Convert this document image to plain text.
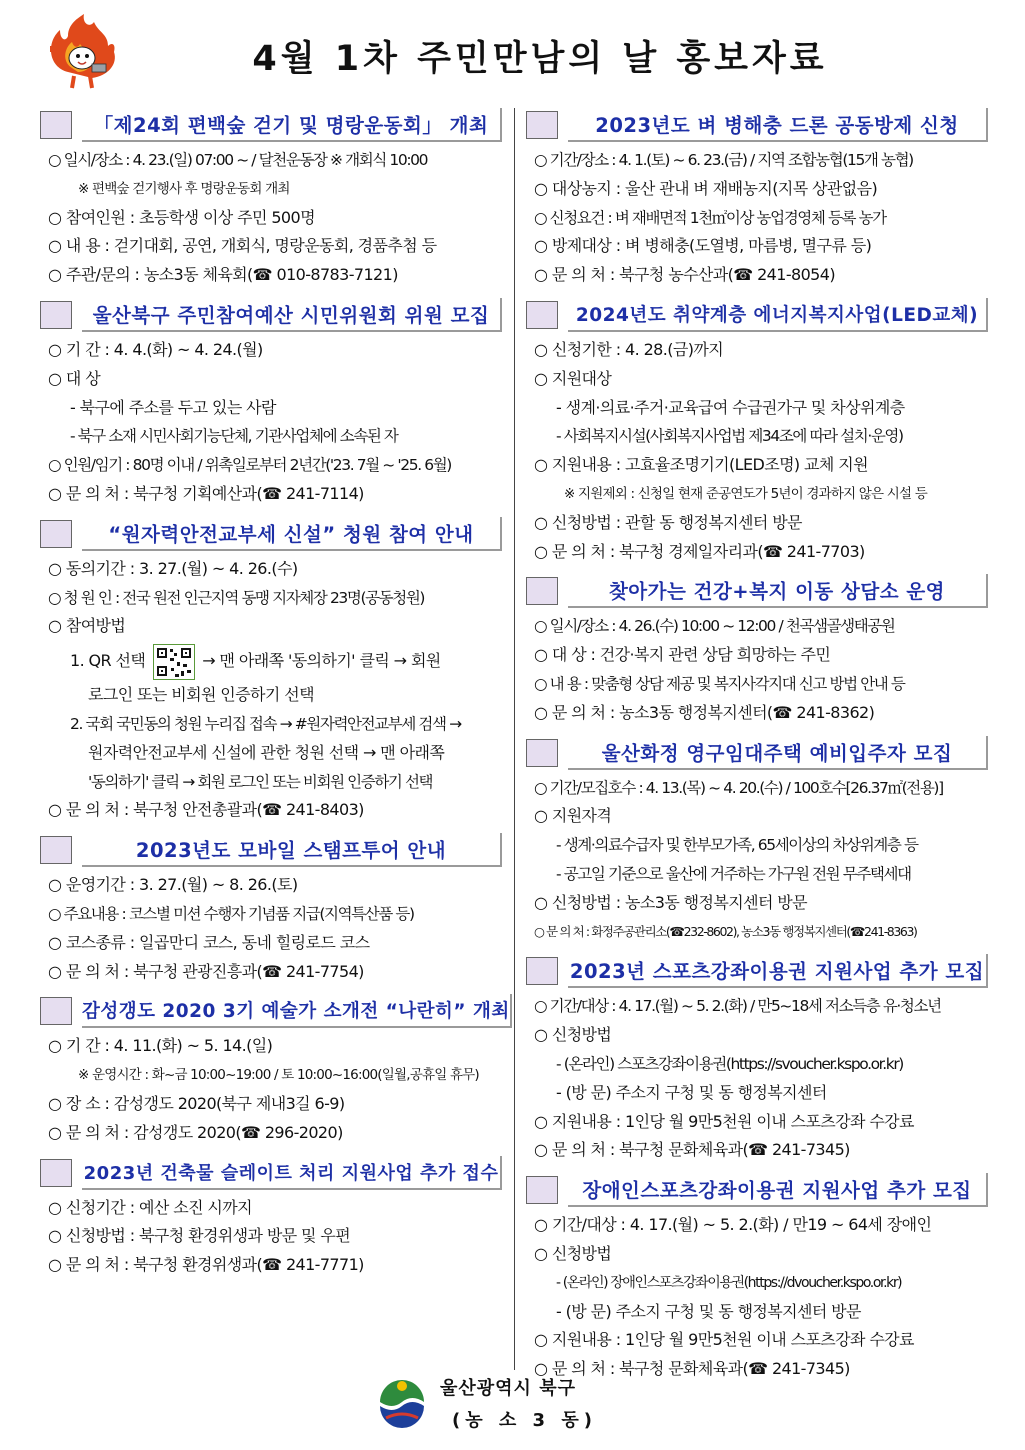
4월 1차 주민만남의 날 홍보자료
「제24회 편백숲 걷기 및 명랑운동회」 개최
○ 일시/장소 : 4. 23.(일) 07:00 ~ / 달천운동장 ※ 개회식 10:00
※ 편백숲 걷기행사 후 명랑운동회 개최
○ 참여인원 : 초등학생 이상 주민 500명
○ 내 용 : 걷기대회, 공연, 개회식, 명랑운동회, 경품추첨 등
○ 주관/문의 : 농소3동 체육회(☎ 010-8783-7121)
울산북구 주민참여예산 시민위원회 위원 모집
○ 기 간 : 4. 4.(화) ~ 4. 24.(월)
○ 대 상
- 북구에 주소를 두고 있는 사람
- 북구 소재 시민사회기능단체, 기관사업체에 소속된 자
○ 인원/임기 : 80명 이내 / 위촉일로부터 2년간('23. 7월 ~ '25. 6월)
○ 문 의 처 : 북구청 기획예산과(☎ 241-7114)
“원자력안전교부세 신설” 청원 참여 안내
○ 동의기간 : 3. 27.(월) ~ 4. 26.(수)
○ 청 원 인 : 전국 원전 인근지역 동맹 지자체장 23명(공동청원)
○ 참여방법
1. QR 선택	→ 맨 아래쪽 '동의하기' 클릭 → 회원
로그인 또는 비회원 인증하기 선택
2. 국회 국민동의 청원 누리집 접속 → #원자력안전교부세 검색 →
원자력안전교부세 신설에 관한 청원 선택 → 맨 아래쪽
'동의하기' 클릭 → 회원 로그인 또는 비회원 인증하기 선택
○ 문 의 처 : 북구청 안전총괄과(☎ 241-8403)
2023년도 모바일 스탬프투어 안내
○ 운영기간 : 3. 27.(월) ~ 8. 26.(토)
○ 주요내용 : 코스별 미션 수행자 기념품 지급(지역특산품 등)
○ 코스종류 : 일곱만디 코스, 동네 힐링로드 코스
○ 문 의 처 : 북구청 관광진흥과(☎ 241-7754)
감성갱도 2020 3기 예술가 소개전 “나란히” 개최
○ 기 간 : 4. 11.(화) ~ 5. 14.(일)
※ 운영시간 : 화~금 10:00~19:00 / 토 10:00~16:00(일월,공휴일 휴무)
○ 장 소 : 감성갱도 2020(북구 제내3길 6-9)
○ 문 의 처 : 감성갱도 2020(☎ 296-2020)
2023년 건축물 슬레이트 처리 지원사업 추가 접수
○ 신청기간 : 예산 소진 시까지
○ 신청방법 : 북구청 환경위생과 방문 및 우편
○ 문 의 처 : 북구청 환경위생과(☎ 241-7771)
2023년도 벼 병해충 드론 공동방제 신청
○ 기간/장소 : 4. 1.(토) ~ 6. 23.(금) / 지역 조합농협(15개 농협)
○ 대상농지 : 울산 관내 벼 재배농지(지목 상관없음)
○ 신청요건 : 벼 재배면적 1천㎡이상 농업경영체 등록 농가
○ 방제대상 : 벼 병해충(도열병, 마름병, 멸구류 등)
○ 문 의 처 : 북구청 농수산과(☎ 241-8054)
2024년도 취약계층 에너지복지사업(LED교체)
○ 신청기한 : 4. 28.(금)까지
○ 지원대상
- 생계·의료·주거·교육급여 수급권가구 및 차상위계층
- 사회복지시설(사회복지사업법 제34조에 따라 설치·운영)
○ 지원내용 : 고효율조명기기(LED조명) 교체 지원
※ 지원제외 : 신청일 현재 준공연도가 5년이 경과하지 않은 시설 등
○ 신청방법 : 관할 동 행정복지센터 방문
○ 문 의 처 : 북구청 경제일자리과(☎ 241-7703)
찾아가는 건강+복지 이동 상담소 운영
○ 일시/장소 : 4. 26.(수) 10:00 ~ 12:00 / 천곡샘골생태공원
○ 대 상 : 건강·복지 관련 상담 희망하는 주민
○ 내 용 : 맞춤형 상담 제공 및 복지사각지대 신고 방법 안내 등
○ 문 의 처 : 농소3동 행정복지센터(☎ 241-8362)
울산화정 영구임대주택 예비입주자 모집
○ 기간/모집호수 : 4. 13.(목) ~ 4. 20.(수) / 100호수[26.37㎡(전용)]
○ 지원자격
- 생계·의료수급자 및 한부모가족, 65세이상의 차상위계층 등
- 공고일 기준으로 울산에 거주하는 가구원 전원 무주택세대
○ 신청방법 : 농소3동 행정복지센터 방문
○ 문 의 처 : 화정주공관리소(☎232-8602), 농소3동 행정복지센터(☎241-8363)
2023년 스포츠강좌이용권 지원사업 추가 모집
○ 기간/대상 : 4. 17.(월) ~ 5. 2.(화) / 만5~18세 저소득층 유·청소년
○ 신청방법
- (온라인) 스포츠강좌이용권(https://svoucher.kspo.or.kr)
- (방 문) 주소지 구청 및 동 행정복지센터
○ 지원내용 : 1인당 월 9만5천원 이내 스포츠강좌 수강료
○ 문 의 처 : 북구청 문화체육과(☎ 241-7345)
장애인스포츠강좌이용권 지원사업 추가 모집
○ 기간/대상 : 4. 17.(월) ~ 5. 2.(화) / 만19 ~ 64세 장애인
○ 신청방법
- (온라인) 장애인스포츠강좌이용권(https://dvoucher.kspo.or.kr)
- (방 문) 주소지 구청 및 동 행정복지센터 방문
○ 지원내용 : 1인당 월 9만5천원 이내 스포츠강좌 수강료
○ 문 의 처 : 북구청 문화체육과(☎ 241-7345)
울산광역시 북구
(농 소 3 동)
